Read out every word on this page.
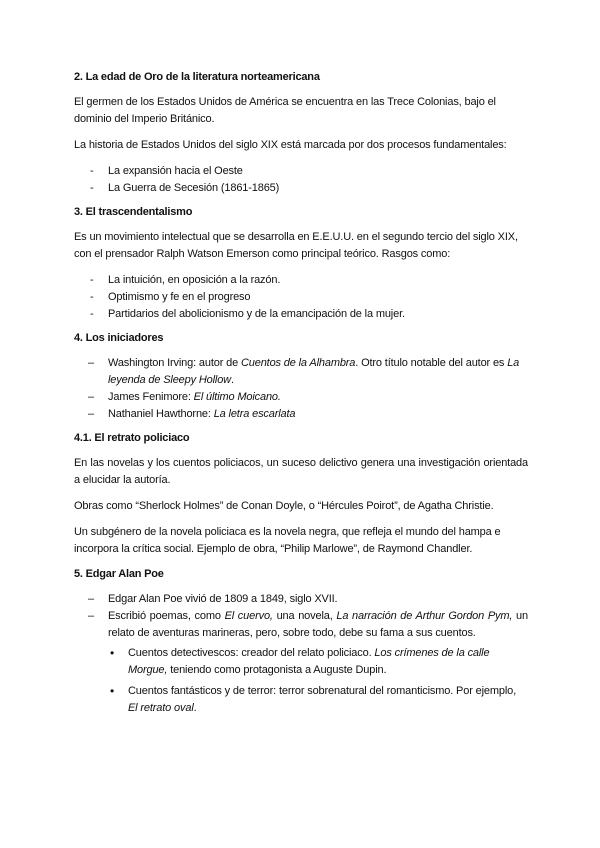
2. La edad de Oro de la literatura norteamericana

El germen de los Estados Unidos de América se encuentra en las Trece Colonias, bajo el dominio del Imperio Británico.

La historia de Estados Unidos del siglo XIX está marcada por dos procesos fundamentales:

- La expansión hacia el Oeste
- La Guerra de Secesión (1861-1865)
3. El trascendentalismo

Es un movimiento intelectual que se desarrolla en E.E.U.U. en el segundo tercio del siglo XIX, con el prensador Ralph Watson Emerson como principal teórico. Rasgos como:

- La intuición, en oposición a la razón.
- Optimismo y fe en el progreso
- Partidarios del abolicionismo y de la emancipación de la mujer.
4. Los iniciadores
– Washington Irving: autor de Cuentos de la Alhambra. Otro título notable del autor es La leyenda de Sleepy Hollow.
– James Fenimore: El último Moicano.
– Nathaniel Hawthorne: La letra escarlata
4.1. El retrato policiaco

En las novelas y los cuentos policiacos, un suceso delictivo genera una investigación orientada a elucidar la autoría.

Obras como “Sherlock Holmes” de Conan Doyle, o “Hércules Poirot”, de Agatha Christie.

Un subgénero de la novela policiaca es la novela negra, que refleja el mundo del hampa e incorpora la crítica social. Ejemplo de obra, “Philip Marlowe”, de Raymond Chandler.

5. Edgar Alan Poe
– Edgar Alan Poe vivió de 1809 a 1849, siglo XVII.
– Escribió poemas, como El cuervo, una novela, La narración de Arthur Gordon Pym, un relato de aventuras marineras, pero, sobre todo, debe su fama a sus cuentos.
• Cuentos detectivescos: creador del relato policiaco. Los crímenes de la calle Morgue, teniendo como protagonista a Auguste Dupin.
• Cuentos fantásticos y de terror: terror sobrenatural del romanticismo. Por ejemplo, El retrato oval.
